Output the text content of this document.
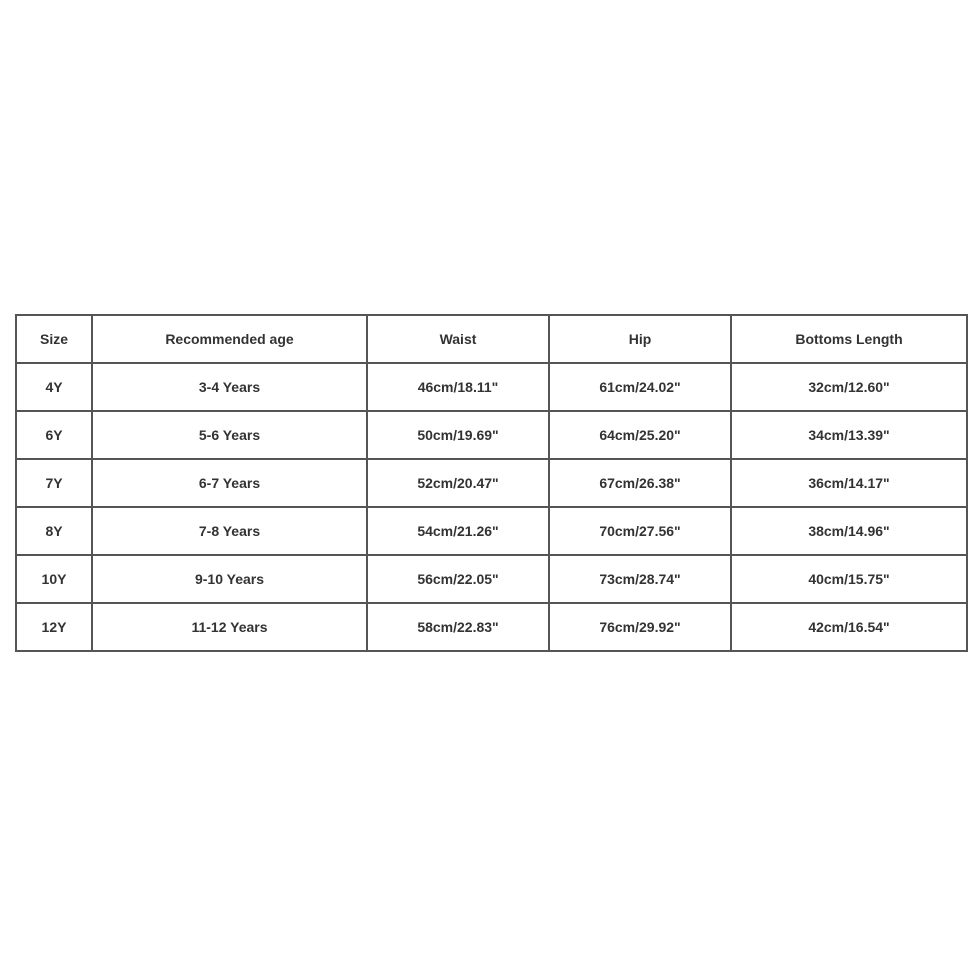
Size	Recommended age	Waist	Hip	Bottoms Length
4Y	3-4 Years	46cm/18.11"	61cm/24.02"	32cm/12.60"
6Y	5-6 Years	50cm/19.69"	64cm/25.20"	34cm/13.39"
7Y	6-7 Years	52cm/20.47"	67cm/26.38"	36cm/14.17"
8Y	7-8 Years	54cm/21.26"	70cm/27.56"	38cm/14.96"
10Y	9-10 Years	56cm/22.05"	73cm/28.74"	40cm/15.75"
12Y	11-12 Years	58cm/22.83"	76cm/29.92"	42cm/16.54"
